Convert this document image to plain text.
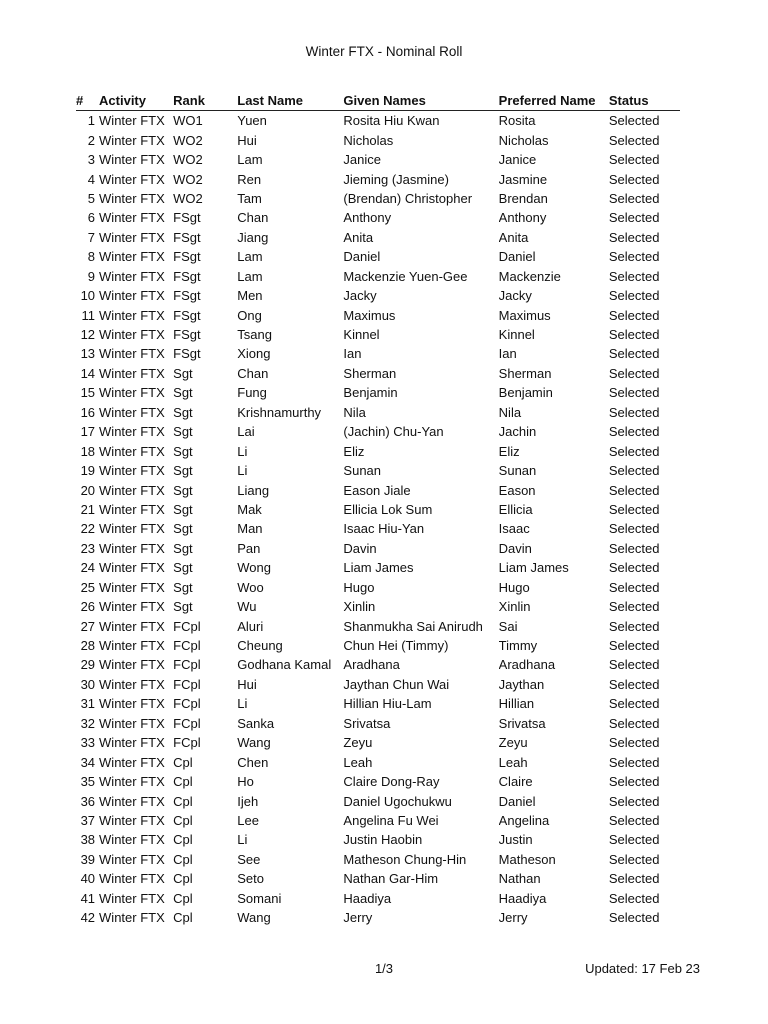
Winter FTX - Nominal Roll
#	Activity	Rank	Last Name	Given Names	Preferred Name	Status
1	Winter FTX	WO1	Yuen	Rosita Hiu Kwan	Rosita	Selected
2	Winter FTX	WO2	Hui	Nicholas	Nicholas	Selected
3	Winter FTX	WO2	Lam	Janice	Janice	Selected
4	Winter FTX	WO2	Ren	Jieming (Jasmine)	Jasmine	Selected
5	Winter FTX	WO2	Tam	(Brendan) Christopher	Brendan	Selected
6	Winter FTX	FSgt	Chan	Anthony	Anthony	Selected
7	Winter FTX	FSgt	Jiang	Anita	Anita	Selected
8	Winter FTX	FSgt	Lam	Daniel	Daniel	Selected
9	Winter FTX	FSgt	Lam	Mackenzie Yuen-Gee	Mackenzie	Selected
10	Winter FTX	FSgt	Men	Jacky	Jacky	Selected
11	Winter FTX	FSgt	Ong	Maximus	Maximus	Selected
12	Winter FTX	FSgt	Tsang	Kinnel	Kinnel	Selected
13	Winter FTX	FSgt	Xiong	Ian	Ian	Selected
14	Winter FTX	Sgt	Chan	Sherman	Sherman	Selected
15	Winter FTX	Sgt	Fung	Benjamin	Benjamin	Selected
16	Winter FTX	Sgt	Krishnamurthy	Nila	Nila	Selected
17	Winter FTX	Sgt	Lai	(Jachin) Chu-Yan	Jachin	Selected
18	Winter FTX	Sgt	Li	Eliz	Eliz	Selected
19	Winter FTX	Sgt	Li	Sunan	Sunan	Selected
20	Winter FTX	Sgt	Liang	Eason Jiale	Eason	Selected
21	Winter FTX	Sgt	Mak	Ellicia Lok Sum	Ellicia	Selected
22	Winter FTX	Sgt	Man	Isaac Hiu-Yan	Isaac	Selected
23	Winter FTX	Sgt	Pan	Davin	Davin	Selected
24	Winter FTX	Sgt	Wong	Liam James	Liam James	Selected
25	Winter FTX	Sgt	Woo	Hugo	Hugo	Selected
26	Winter FTX	Sgt	Wu	Xinlin	Xinlin	Selected
27	Winter FTX	FCpl	Aluri	Shanmukha Sai Anirudh	Sai	Selected
28	Winter FTX	FCpl	Cheung	Chun Hei (Timmy)	Timmy	Selected
29	Winter FTX	FCpl	Godhana Kamal	Aradhana	Aradhana	Selected
30	Winter FTX	FCpl	Hui	Jaythan Chun Wai	Jaythan	Selected
31	Winter FTX	FCpl	Li	Hillian Hiu-Lam	Hillian	Selected
32	Winter FTX	FCpl	Sanka	Srivatsa	Srivatsa	Selected
33	Winter FTX	FCpl	Wang	Zeyu	Zeyu	Selected
34	Winter FTX	Cpl	Chen	Leah	Leah	Selected
35	Winter FTX	Cpl	Ho	Claire Dong-Ray	Claire	Selected
36	Winter FTX	Cpl	Ijeh	Daniel Ugochukwu	Daniel	Selected
37	Winter FTX	Cpl	Lee	Angelina Fu Wei	Angelina	Selected
38	Winter FTX	Cpl	Li	Justin Haobin	Justin	Selected
39	Winter FTX	Cpl	See	Matheson Chung-Hin	Matheson	Selected
40	Winter FTX	Cpl	Seto	Nathan Gar-Him	Nathan	Selected
41	Winter FTX	Cpl	Somani	Haadiya	Haadiya	Selected
42	Winter FTX	Cpl	Wang	Jerry	Jerry	Selected
1/3	Updated: 17 Feb 23
